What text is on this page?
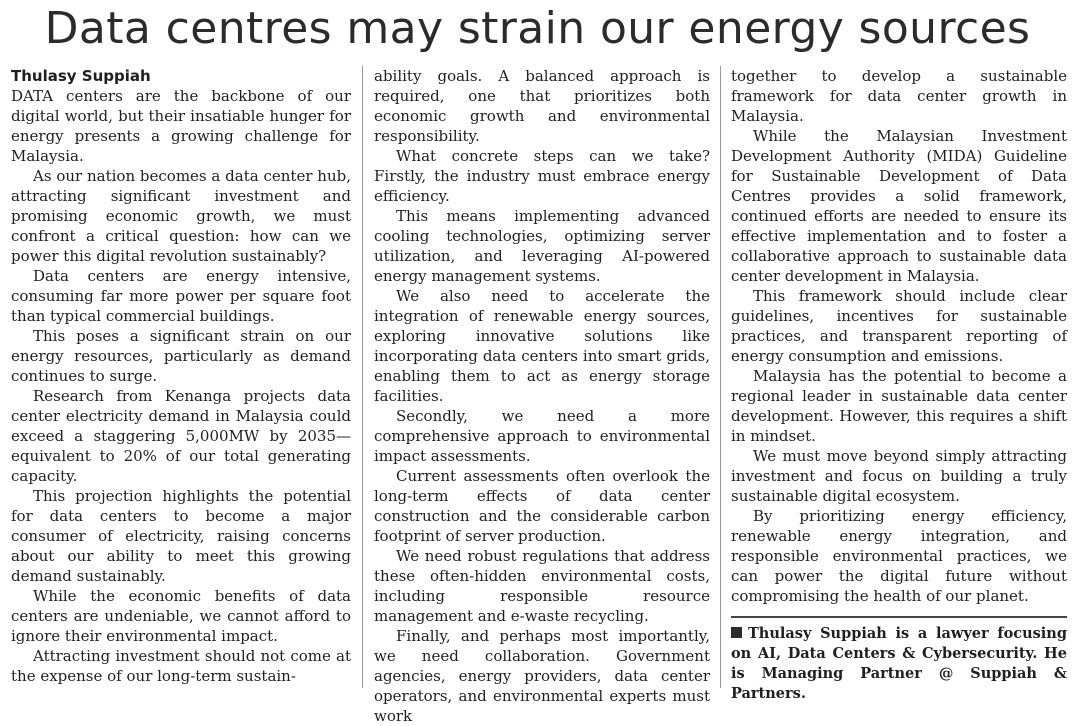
Data centres may strain our energy sources

Thulasy Suppiah

DATA centers are the backbone of our digital world, but their insatiable hunger for energy presents a growing challenge for Malaysia.

As our nation becomes a data center hub, attracting significant investment and promising economic growth, we must confront a critical question: how can we power this digital revolution sustainably?

Data centers are energy intensive, consuming far more power per square foot than typical commercial buildings.

This poses a significant strain on our energy resources, particularly as demand continues to surge.

Research from Kenanga projects data center electricity demand in Malaysia could exceed a staggering 5,000MW by 2035—equivalent to 20% of our total generating capacity.

This projection highlights the potential for data centers to become a major consumer of electricity, raising concerns about our ability to meet this growing demand sustainably.

While the economic benefits of data centers are undeniable, we cannot afford to ignore their environmental impact.

Attracting investment should not come at the expense of our long-term sustain-

ability goals. A balanced approach is required, one that prioritizes both economic growth and environmental responsibility.

What concrete steps can we take? Firstly, the industry must embrace energy efficiency.

This means implementing advanced cooling technologies, optimizing server utilization, and leveraging AI-powered energy management systems.

We also need to accelerate the integration of renewable energy sources, exploring innovative solutions like incorporating data centers into smart grids, enabling them to act as energy storage facilities.

Secondly, we need a more comprehensive approach to environmental impact assessments.

Current assessments often overlook the long-term effects of data center construction and the considerable carbon footprint of server production.

We need robust regulations that address these often-hidden environmental costs, including responsible resource management and e-waste recycling.

Finally, and perhaps most importantly, we need collaboration. Government agencies, energy providers, data center operators, and environmental experts must work

together to develop a sustainable framework for data center growth in Malaysia.

While the Malaysian Investment Development Authority (MIDA) Guideline for Sustainable Development of Data Centres provides a solid framework, continued efforts are needed to ensure its effective implementation and to foster a collaborative approach to sustainable data center development in Malaysia.

This framework should include clear guidelines, incentives for sustainable practices, and transparent reporting of energy consumption and emissions.

Malaysia has the potential to become a regional leader in sustainable data center development. However, this requires a shift in mindset.

We must move beyond simply attracting investment and focus on building a truly sustainable digital ecosystem.

By prioritizing energy efficiency, renewable energy integration, and responsible environmental practices, we can power the digital future without compromising the health of our planet.

Thulasy Suppiah is a lawyer focusing on AI, Data Centers & Cybersecurity. He is Managing Partner @ Suppiah & Partners.
